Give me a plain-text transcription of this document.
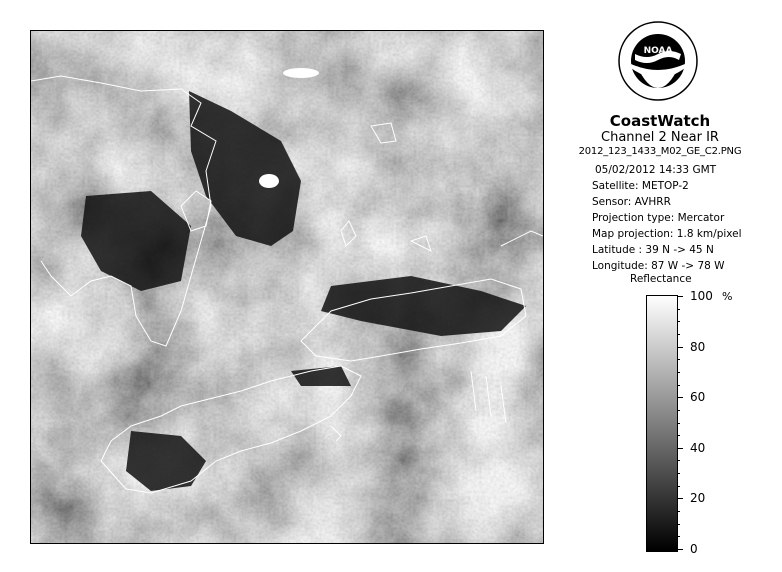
NOAA
CoastWatch
Channel 2 Near IR
2012_123_1433_M02_GE_C2.PNG
05/02/2012 14:33 GMT
Satellite: METOP-2
Sensor: AVHRR
Projection type: Mercator
Map projection: 1.8 km/pixel
Latitude : 39 N -> 45 N
Longitude: 87 W -> 78 W
Reflectance
%
100
80
60
40
20
0
